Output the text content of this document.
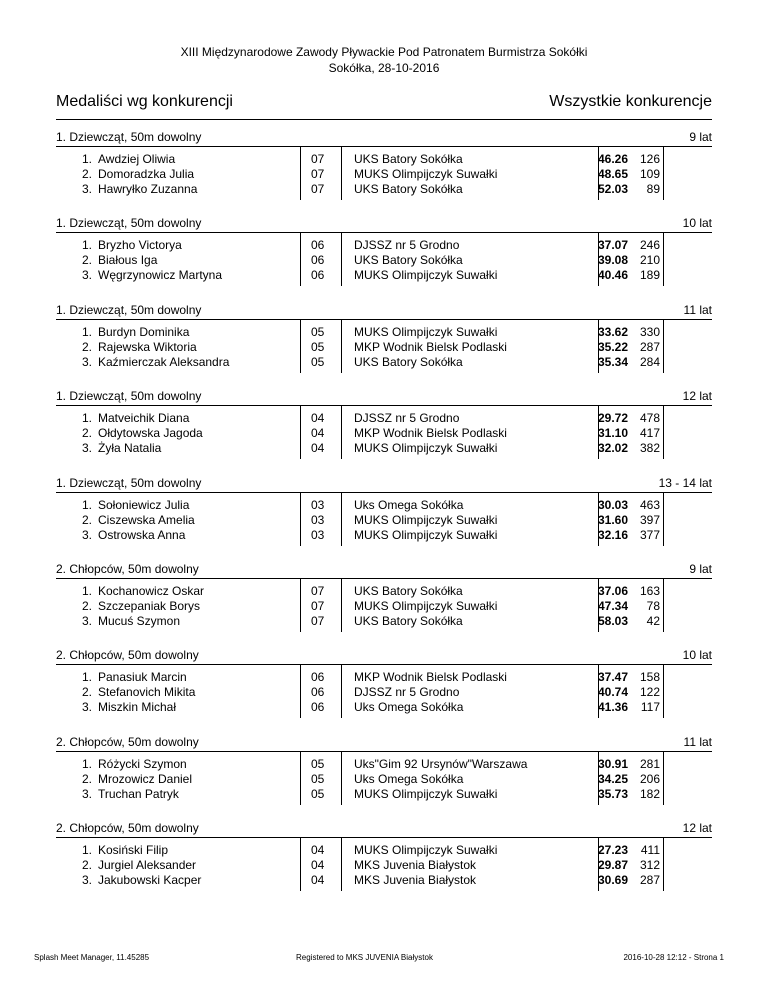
XIII Międzynarodowe Zawody Pływackie Pod Patronatem Burmistrza Sokółki
Sokółka, 28-10-2016
Medaliści wg konkurencji	Wszystkie konkurencje
1. Dziewcząt, 50m dowolny	9 lat
1. Awdziej Oliwia	07 UKS Batory Sokółka	46.26 126
2. Domoradzka Julia	07 MUKS Olimpijczyk Suwałki	48.65 109
3. Hawryłko Zuzanna	07 UKS Batory Sokółka	52.03	89
1. Dziewcząt, 50m dowolny	10 lat
1. Bryzho Victorya	06 DJSSZ nr 5 Grodno	37.07 246
2. Białous Iga	06 UKS Batory Sokółka	39.08 210
3. Węgrzynowicz Martyna	06 MUKS Olimpijczyk Suwałki	40.46 189
1. Dziewcząt, 50m dowolny	11 lat
1. Burdyn Dominika	05 MUKS Olimpijczyk Suwałki	33.62 330
2. Rajewska Wiktoria	05 MKP Wodnik Bielsk Podlaski	35.22 287
3. Kaźmierczak Aleksandra	05 UKS Batory Sokółka	35.34 284
1. Dziewcząt, 50m dowolny	12 lat
1. Matveichik Diana	04 DJSSZ nr 5 Grodno	29.72 478
2. Ołdytowska Jagoda	04 MKP Wodnik Bielsk Podlaski	31.10 417
3. Żyła Natalia	04 MUKS Olimpijczyk Suwałki	32.02 382
1. Dziewcząt, 50m dowolny	13 - 14 lat
1. Sołoniewicz Julia	03 Uks Omega Sokółka	30.03 463
2. Ciszewska Amelia	03 MUKS Olimpijczyk Suwałki	31.60 397
3. Ostrowska Anna	03 MUKS Olimpijczyk Suwałki	32.16 377
2. Chłopców, 50m dowolny	9 lat
1. Kochanowicz Oskar	07 UKS Batory Sokółka	37.06 163
2. Szczepaniak Borys	07 MUKS Olimpijczyk Suwałki	47.34	78
3. Mucuś Szymon	07 UKS Batory Sokółka	58.03	42
2. Chłopców, 50m dowolny	10 lat
1. Panasiuk Marcin	06 MKP Wodnik Bielsk Podlaski	37.47 158
2. Stefanovich Mikita	06 DJSSZ nr 5 Grodno	40.74 122
3. Miszkin Michał	06 Uks Omega Sokółka	41.36	117
2. Chłopców, 50m dowolny	11 lat
1. Różycki Szymon	05 Uks"Gim 92 Ursynów"Warszawa	30.91 281
2. Mrozowicz Daniel	05 Uks Omega Sokółka	34.25 206
3. Truchan Patryk	05 MUKS Olimpijczyk Suwałki	35.73 182
2. Chłopców, 50m dowolny	12 lat
1. Kosiński Filip	04 MUKS Olimpijczyk Suwałki	27.23	411
2. Jurgiel Aleksander	04 MKS Juvenia Białystok	29.87 312
3. Jakubowski Kacper	04 MKS Juvenia Białystok	30.69 287
Splash Meet Manager, 11.45285	Registered to MKS JUVENIA Białystok	2016-10-28 12:12 - Strona 1
